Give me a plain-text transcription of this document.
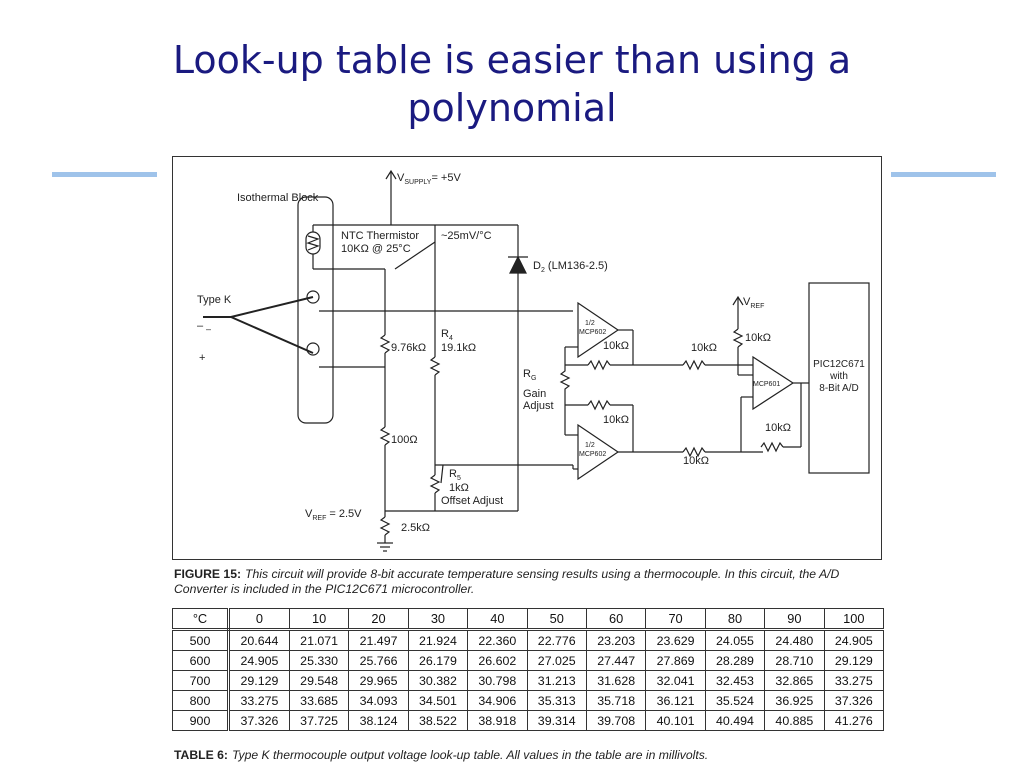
Look-up table is easier than using a
polynomial
$V_{SUPPLY}= +5V$
Isothermal Block
NTC Thermistor
10KΩ @ 25°C
~25mV/°C
$D_2$ (LM136-2.5)
Type K
–
+
9.76kΩ
$R_4$
19.1kΩ
100Ω
$R_5$
1kΩ
Offset Adjust
$V_{REF} = 2.5V$
2.5kΩ
$R_G$
Gain
Adjust
1/2
MCP602
1/2
MCP602
MCP601
10kΩ
10kΩ
10kΩ
10kΩ
10kΩ
10kΩ
$V_{REF}$
PIC12C671
with
8-Bit A/D
–
FIGURE 15: This circuit will provide 8-bit accurate temperature sensing results using a thermocouple. In this circuit, the A/D Converter is included in the PIC12C671 microcontroller.
°C	0	10	20	30	40	50	60	70	80	90	100
500	20.644	21.071	21.497	21.924	22.360	22.776	23.203	23.629	24.055	24.480	24.905
600	24.905	25.330	25.766	26.179	26.602	27.025	27.447	27.869	28.289	28.710	29.129
700	29.129	29.548	29.965	30.382	30.798	31.213	31.628	32.041	32.453	32.865	33.275
800	33.275	33.685	34.093	34.501	34.906	35.313	35.718	36.121	35.524	36.925	37.326
900	37.326	37.725	38.124	38.522	38.918	39.314	39.708	40.101	40.494	40.885	41.276
TABLE 6: Type K thermocouple output voltage look-up table. All values in the table are in millivolts.
